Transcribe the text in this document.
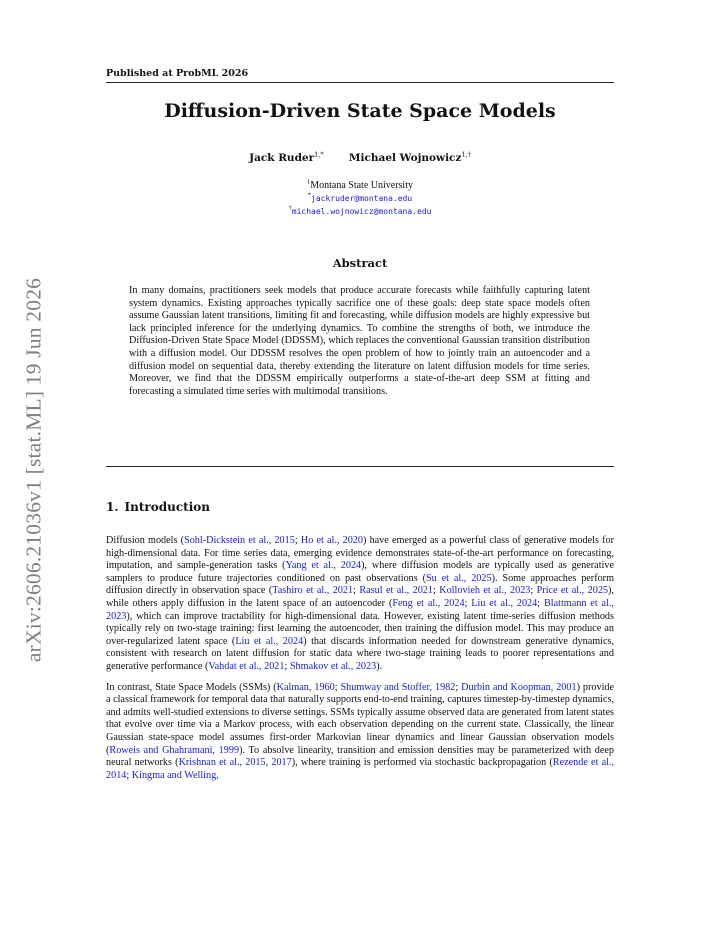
arXiv:2606.21036v1 [stat.ML] 19 Jun 2026
Published at ProbML 2026
Diffusion-Driven State Space Models
Jack Ruder$^{1,*}$ Michael Wojnowicz$^{1,\dagger}$
$^1$Montana State University
*jackruder@montana.edu
†michael.wojnowicz@montana.edu
Abstract
In many domains, practitioners seek models that produce accurate forecasts while faithfully capturing latent system dynamics. Existing approaches typically sacrifice one of these goals: deep state space models often assume Gaussian latent transitions, limiting fit and forecasting, while diffusion models are highly expressive but lack principled inference for the underlying dynamics. To combine the strengths of both, we introduce the Diffusion-Driven State Space Model (DDSSM), which replaces the conventional Gaussian transition distribution with a diffusion model. Our DDSSM resolves the open problem of how to jointly train an autoencoder and a diffusion model on sequential data, thereby extending the literature on latent diffusion models for time series. Moreover, we find that the DDSSM empirically outperforms a state-of-the-art deep SSM at fitting and forecasting a simulated time series with multimodal transitions.
1. Introduction

Diffusion models (Sohl-Dickstein et al., 2015; Ho et al., 2020) have emerged as a powerful class of generative models for high-dimensional data. For time series data, emerging evidence demonstrates state-of-the-art performance on forecasting, imputation, and sample-generation tasks (Yang et al., 2024), where diffusion models are typically used as generative samplers to produce future trajectories conditioned on past observations (Su et al., 2025). Some approaches perform diffusion directly in observation space (Tashiro et al., 2021; Rasul et al., 2021; Kollovieh et al., 2023; Price et al., 2025), while others apply diffusion in the latent space of an autoencoder (Feng et al., 2024; Liu et al., 2024; Blattmann et al., 2023), which can improve tractability for high-dimensional data. However, existing latent time-series diffusion methods typically rely on two-stage training: first learning the autoencoder, then training the diffusion model. This may produce an over-regularized latent space (Liu et al., 2024) that discards information needed for downstream generative dynamics, consistent with research on latent diffusion for static data where two-stage training leads to poorer representations and generative performance (Vahdat et al., 2021; Shmakov et al., 2023).

In contrast, State Space Models (SSMs) (Kalman, 1960; Shumway and Stoffer, 1982; Durbin and Koopman, 2001) provide a classical framework for temporal data that naturally supports end-to-end training, captures timestep-by-timestep dynamics, and admits well-studied extensions to diverse settings. SSMs typically assume observed data are generated from latent states that evolve over time via a Markov process, with each observation depending on the current state. Classically, the linear Gaussian state-space model assumes first-order Markovian linear dynamics and linear Gaussian observation models (Roweis and Ghahramani, 1999). To absolve linearity, transition and emission densities may be parameterized with deep neural networks (Krishnan et al., 2015, 2017), where training is performed via stochastic backpropagation (Rezende et al., 2014; Kingma and Welling,
